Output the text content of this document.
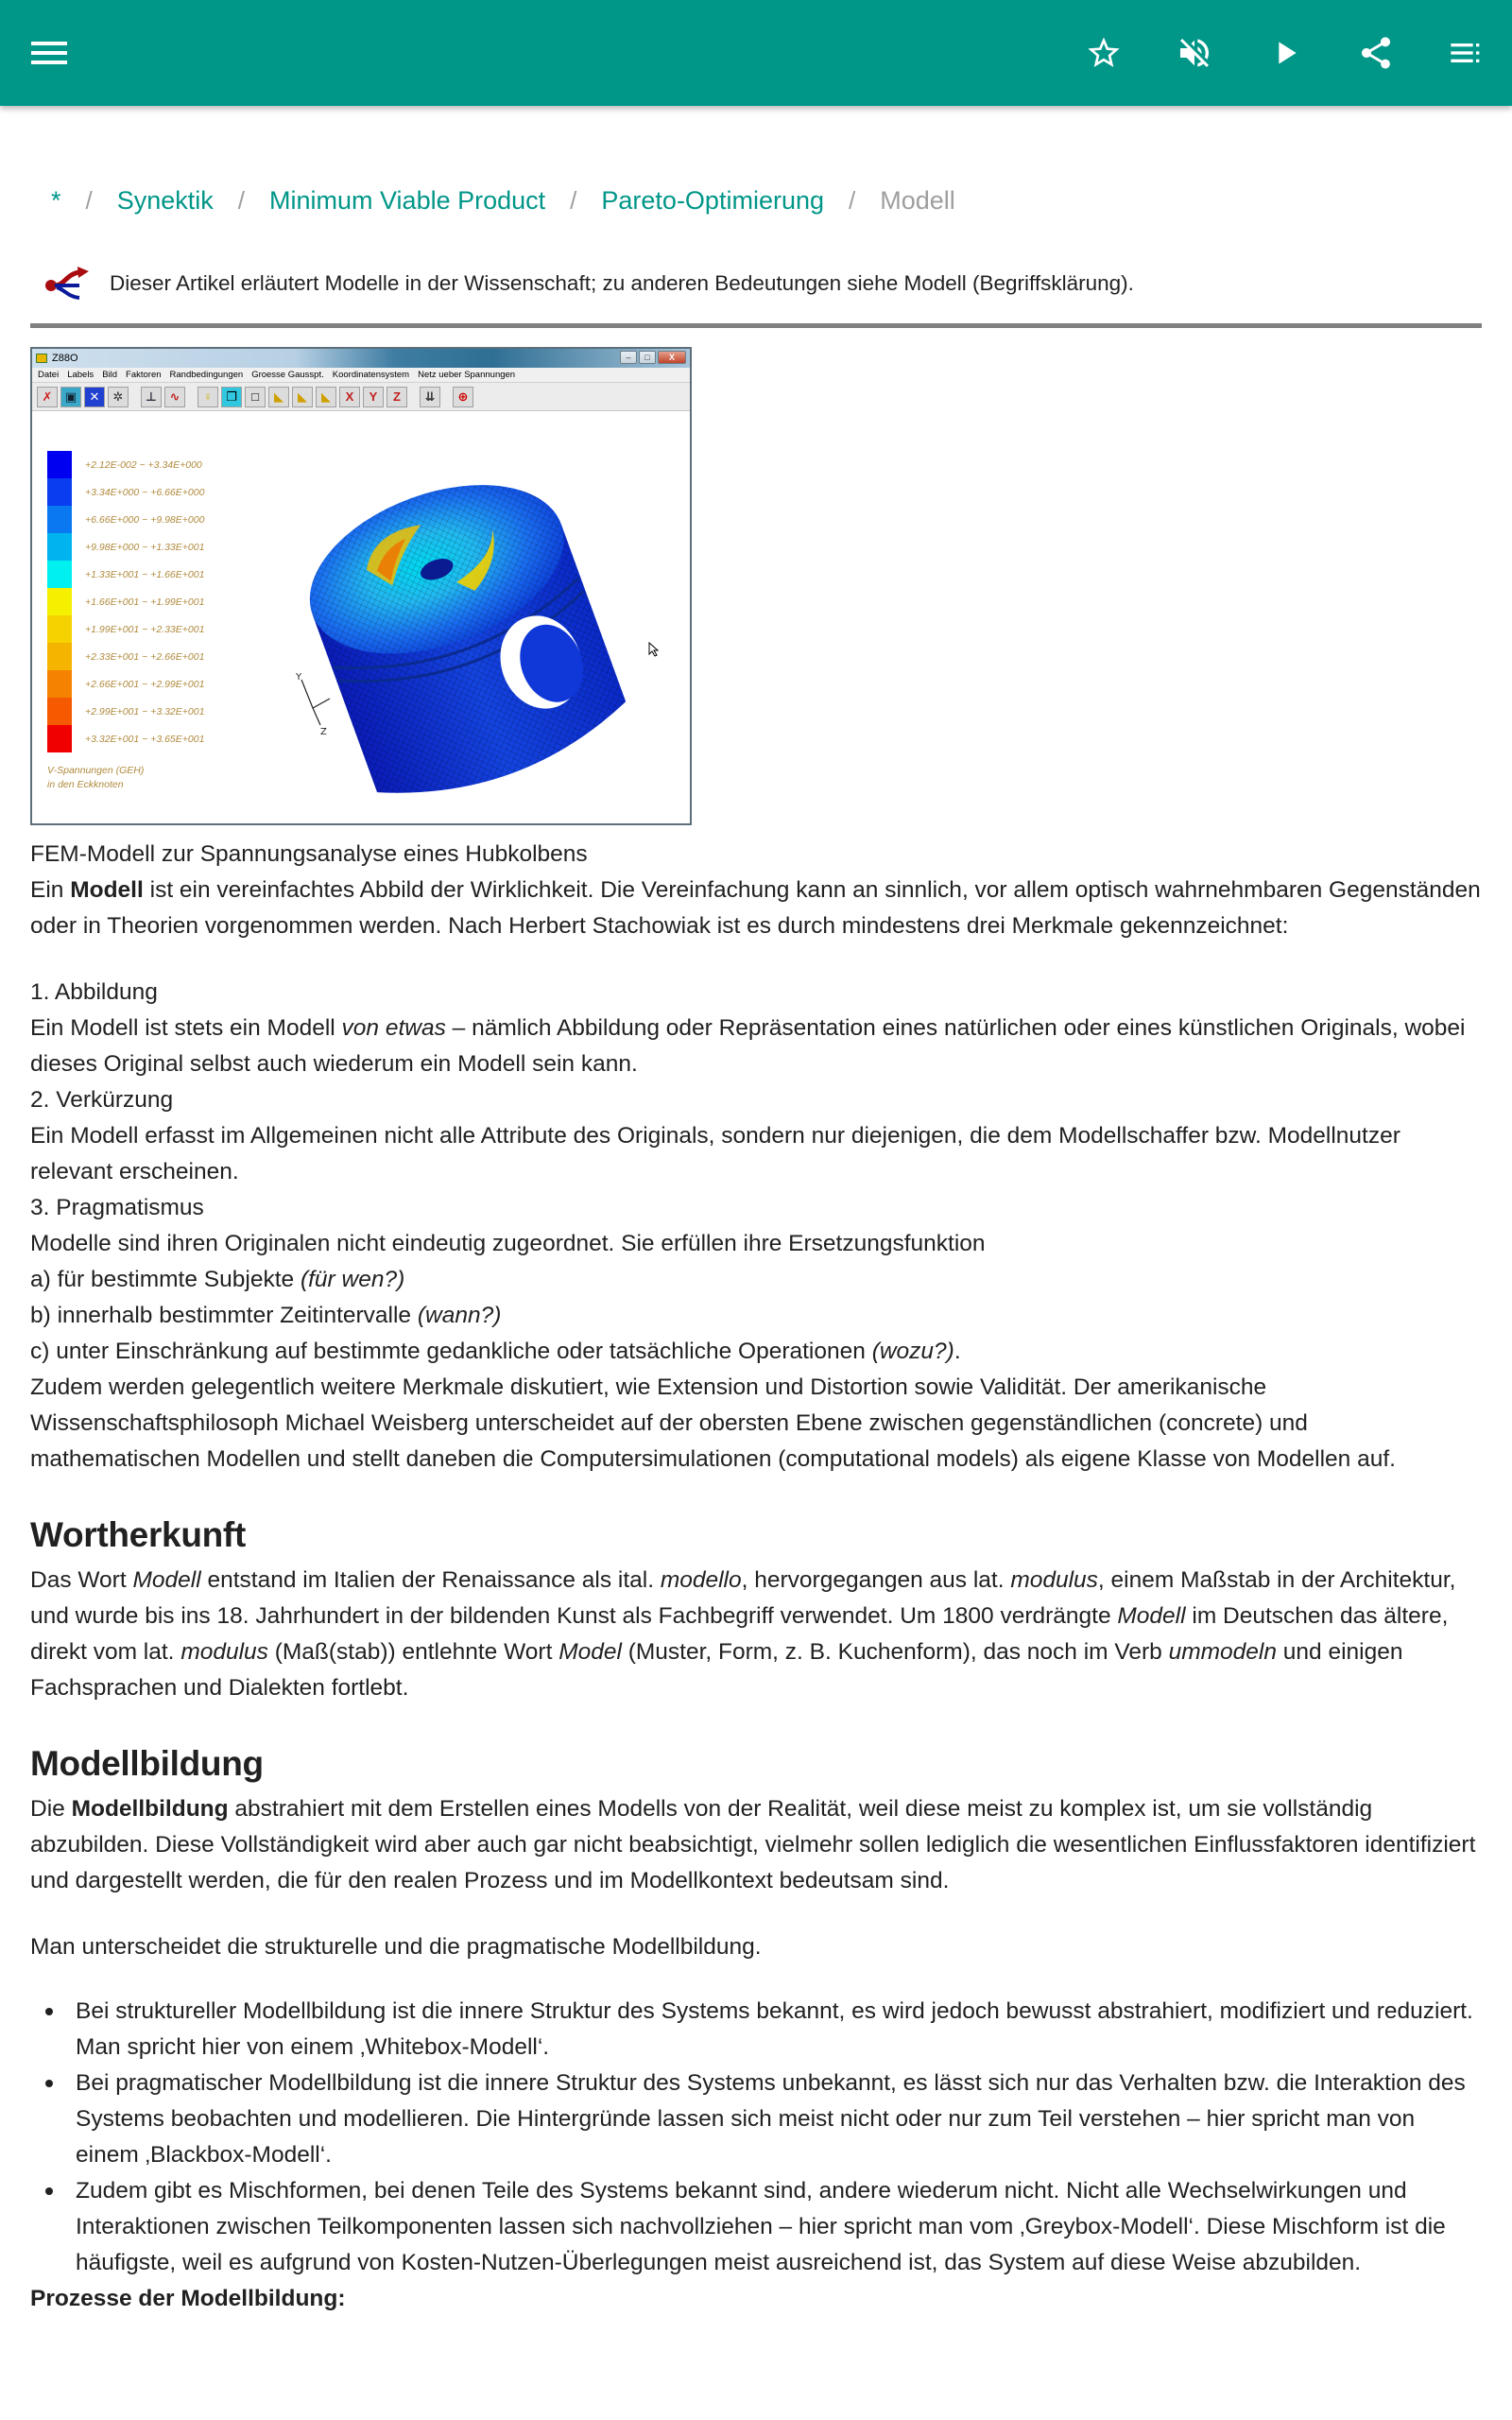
* / Synektik / Minimum Viable Product / Pareto-Optimierung / Modell
Dieser Artikel erläutert Modelle in der Wissenschaft; zu anderen Bedeutungen siehe Modell (Begriffsklärung).
Z88O	–	□	X
Datei Labels Bild Faktoren Randbedingungen Groesse Gausspt. Koordinatensystem Netz ueber Spannungen
✗	▣	✕	✲	⊥	∿	♀	❐	□	◣	◣	◣	X	Y	Z	⇊	⊕
+2.12E-002 ~ +3.34E+000
+3.34E+000 ~ +6.66E+000
+6.66E+000 ~ +9.98E+000
+9.98E+000 ~ +1.33E+001
+1.33E+001 ~ +1.66E+001
+1.66E+001 ~ +1.99E+001
+1.99E+001 ~ +2.33E+001
+2.33E+001 ~ +2.66E+001
+2.66E+001 ~ +2.99E+001
+2.99E+001 ~ +3.32E+001
+3.32E+001 ~ +3.65E+001
V-Spannungen (GEH)
in den Eckknoten
Y
Z

FEM-Modell zur Spannungsanalyse eines Hubkolbens

Ein Modell ist ein vereinfachtes Abbild der Wirklichkeit. Die Vereinfachung kann an sinnlich, vor allem optisch wahrnehmbaren Gegenständen oder in Theorien vorgenommen werden. Nach Herbert Stachowiak ist es durch mindestens drei Merkmale gekennzeichnet:

1. Abbildung

Ein Modell ist stets ein Modell von etwas – nämlich Abbildung oder Repräsentation eines natürlichen oder eines künstlichen Originals, wobei dieses Original selbst auch wiederum ein Modell sein kann.

2. Verkürzung

Ein Modell erfasst im Allgemeinen nicht alle Attribute des Originals, sondern nur diejenigen, die dem Modellschaffer bzw. Modellnutzer relevant erscheinen.

3. Pragmatismus

Modelle sind ihren Originalen nicht eindeutig zugeordnet. Sie erfüllen ihre Ersetzungsfunktion

a) für bestimmte Subjekte (für wen?)

b) innerhalb bestimmter Zeitintervalle (wann?)

c) unter Einschränkung auf bestimmte gedankliche oder tatsächliche Operationen (wozu?).

Zudem werden gelegentlich weitere Merkmale diskutiert, wie Extension und Distortion sowie Validität. Der amerikanische Wissenschaftsphilosoph Michael Weisberg unterscheidet auf der obersten Ebene zwischen gegenständlichen (concrete) und mathematischen Modellen und stellt daneben die Computersimulationen (computational models) als eigene Klasse von Modellen auf.

Wortherkunft

Das Wort Modell entstand im Italien der Renaissance als ital. modello, hervorgegangen aus lat. modulus, einem Maßstab in der Architektur, und wurde bis ins 18. Jahrhundert in der bildenden Kunst als Fachbegriff verwendet. Um 1800 verdrängte Modell im Deutschen das ältere, direkt vom lat. modulus (Maß(stab)) entlehnte Wort Model (Muster, Form, z. B. Kuchenform), das noch im Verb ummodeln und einigen Fachsprachen und Dialekten fortlebt.

Modellbildung

Die Modellbildung abstrahiert mit dem Erstellen eines Modells von der Realität, weil diese meist zu komplex ist, um sie vollständig abzubilden. Diese Vollständigkeit wird aber auch gar nicht beabsichtigt, vielmehr sollen lediglich die wesentlichen Einflussfaktoren identifiziert und dargestellt werden, die für den realen Prozess und im Modellkontext bedeutsam sind.

Man unterscheidet die strukturelle und die pragmatische Modellbildung.

Bei struktureller Modellbildung ist die innere Struktur des Systems bekannt, es wird jedoch bewusst abstrahiert, modifiziert und reduziert. Man spricht hier von einem ‚Whitebox-Modell‘.
Bei pragmatischer Modellbildung ist die innere Struktur des Systems unbekannt, es lässt sich nur das Verhalten bzw. die Interaktion des Systems beobachten und modellieren. Die Hintergründe lassen sich meist nicht oder nur zum Teil verstehen – hier spricht man von einem ‚Blackbox-Modell‘.
Zudem gibt es Mischformen, bei denen Teile des Systems bekannt sind, andere wiederum nicht. Nicht alle Wechselwirkungen und Interaktionen zwischen Teilkomponenten lassen sich nachvollziehen – hier spricht man vom ‚Greybox-Modell‘. Diese Mischform ist die häufigste, weil es aufgrund von Kosten-Nutzen-Überlegungen meist ausreichend ist, das System auf diese Weise abzubilden.

Prozesse der Modellbildung:
